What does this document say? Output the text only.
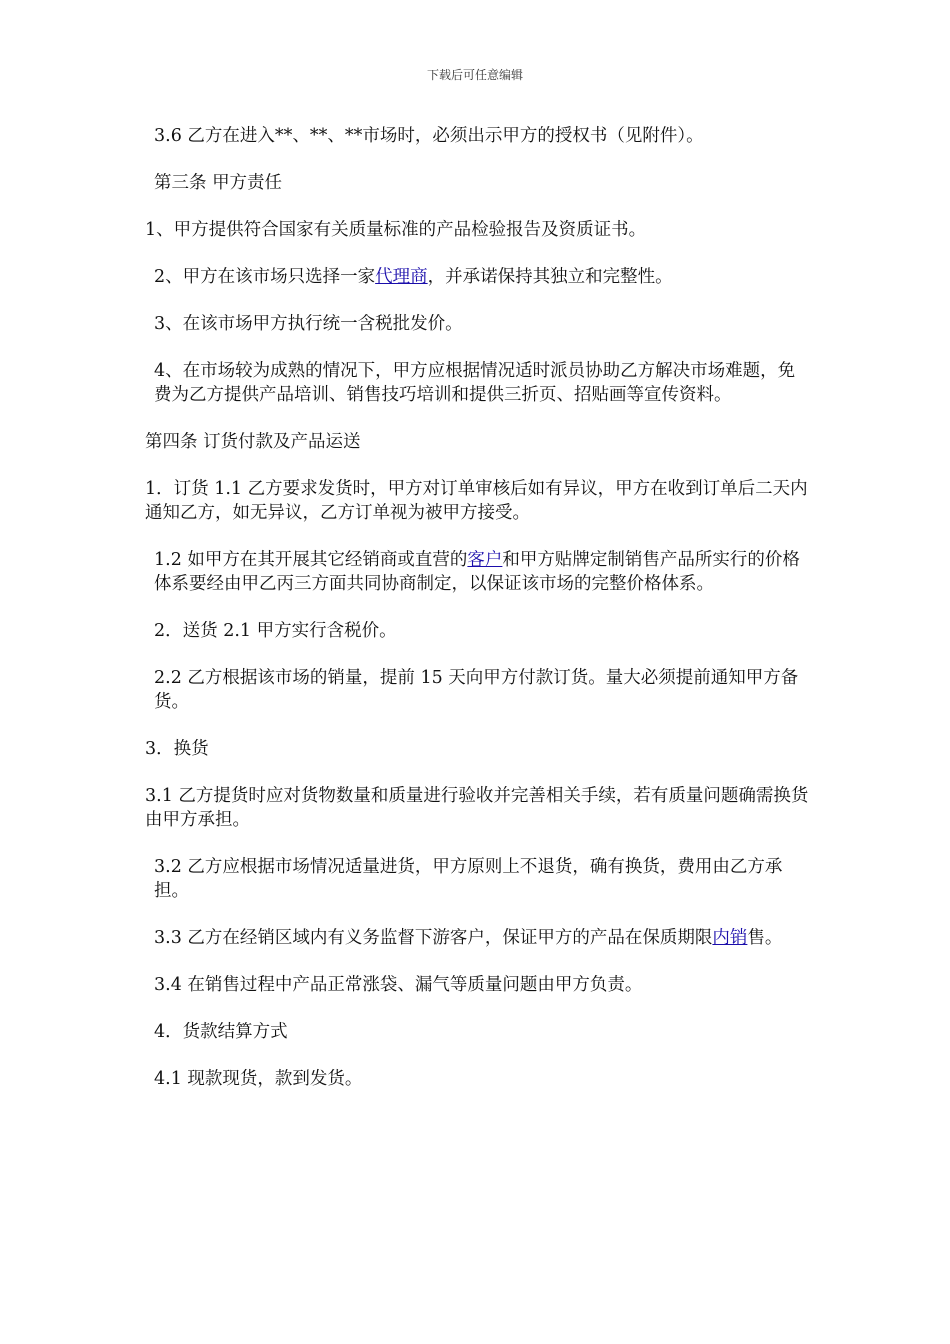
下载后可任意编辑

3.6 乙方在进入**、**、**市场时，必须出示甲方的授权书（见附件）。

第三条 甲方责任

1、甲方提供符合国家有关质量标准的产品检验报告及资质证书。

2、甲方在该市场只选择一家代理商，并承诺保持其独立和完整性。

3、在该市场甲方执行统一含税批发价。

4、在市场较为成熟的情况下，甲方应根据情况适时派员协助乙方解决市场难题，免费为乙方提供产品培训、销售技巧培训和提供三折页、招贴画等宣传资料。

第四条 订货付款及产品运送

1．订货 1.1 乙方要求发货时，甲方对订单审核后如有异议，甲方在收到订单后二天内通知乙方，如无异议，乙方订单视为被甲方接受。

1.2 如甲方在其开展其它经销商或直营的客户和甲方贴牌定制销售产品所实行的价格体系要经由甲乙丙三方面共同协商制定，以保证该市场的完整价格体系。

2．送货 2.1 甲方实行含税价。

2.2 乙方根据该市场的销量，提前 15 天向甲方付款订货。量大必须提前通知甲方备货。

3．换货

3.1 乙方提货时应对货物数量和质量进行验收并完善相关手续，若有质量问题确需换货由甲方承担。

3.2 乙方应根据市场情况适量进货，甲方原则上不退货，确有换货，费用由乙方承担。

3.3 乙方在经销区域内有义务监督下游客户，保证甲方的产品在保质期限内销售。

3.4 在销售过程中产品正常涨袋、漏气等质量问题由甲方负责。

4．货款结算方式

4.1 现款现货，款到发货。
